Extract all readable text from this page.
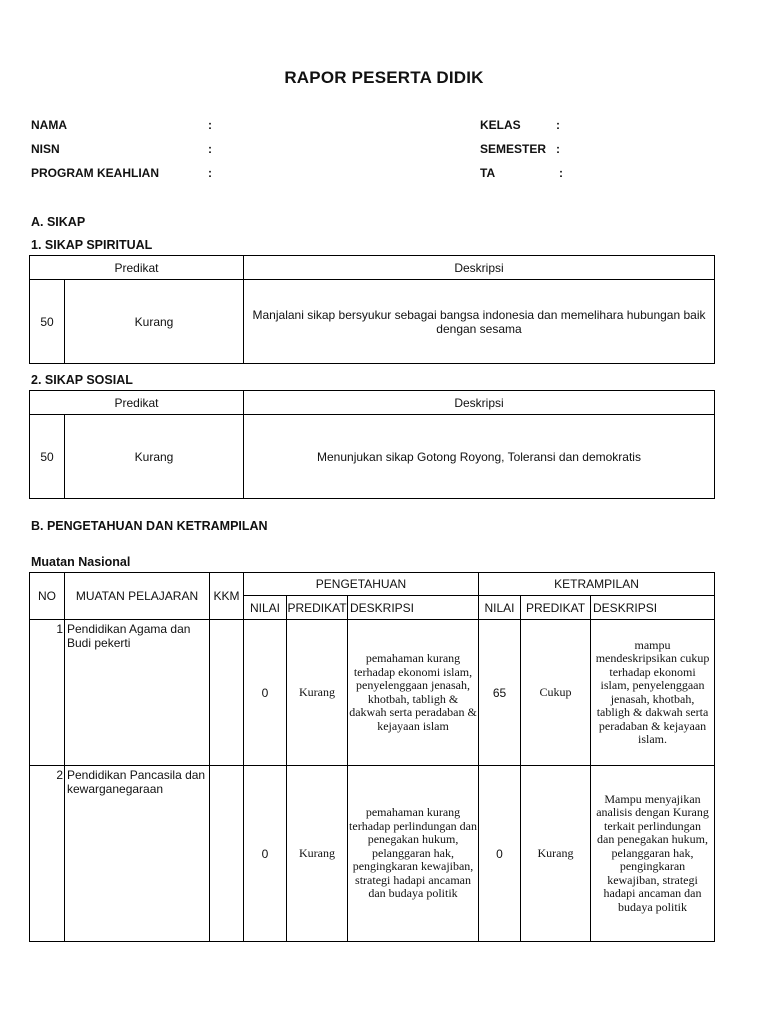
RAPOR PESERTA DIDIK
NAMA	:
NISN	:
PROGRAM KEAHLIAN	:
KELAS	:
SEMESTER :
TA	:
A. SIKAP
1. SIKAP SPIRITUAL
Predikat		Deskripsi
50	Kurang	Manjalani sikap bersyukur sebagai bangsa indonesia dan memelihara hubungan baik dengan sesama
2. SIKAP SOSIAL
Predikat		Deskripsi
50	Kurang	Menunjukan sikap Gotong Royong, Toleransi dan demokratis
B. PENGETAHUAN DAN KETRAMPILAN
Muatan Nasional
NO	MUATAN PELAJARAN	KKM	PENGETAHUAN			KETRAMPILAN		
			NILAI	PREDIKAT	DESKRIPSI	NILAI	PREDIKAT	DESKRIPSI
1	Pendidikan Agama dan Budi pekerti		0	Kurang	pemahaman kurang terhadap ekonomi islam, penyelenggaan jenasah, khotbah, tabligh & dakwah serta peradaban & kejayaan islam	65	Cukup	mampu mendeskripsikan cukup terhadap ekonomi islam, penyelenggaan jenasah, khotbah, tabligh & dakwah serta peradaban & kejayaan islam.
2	Pendidikan Pancasila dan kewarganegaraan		0	Kurang	pemahaman kurang terhadap perlindungan dan penegakan hukum, pelanggaran hak, pengingkaran kewajiban, strategi hadapi ancaman dan budaya politik	0	Kurang	Mampu menyajikan analisis dengan Kurang terkait perlindungan dan penegakan hukum, pelanggaran hak, pengingkaran kewajiban, strategi hadapi ancaman dan budaya politik
